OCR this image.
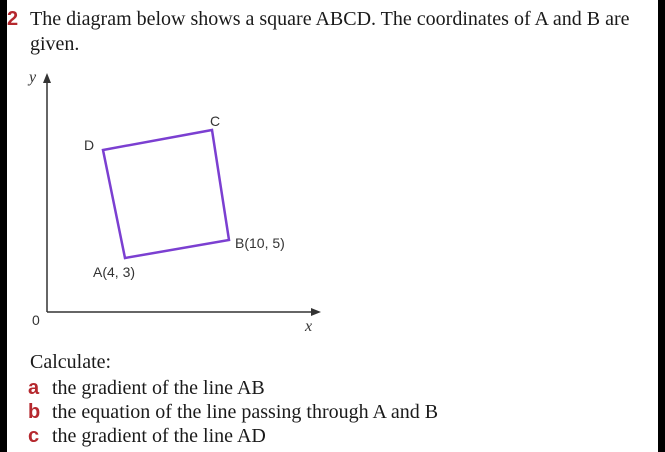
2 The diagram below shows a square ABCD. The coordinates of A and B are given.
y
x
0
A(4, 3)
B(10, 5)
C
D
Calculate:
a the gradient of the line AB
b the equation of the line passing through A and B
c the gradient of the line AD
